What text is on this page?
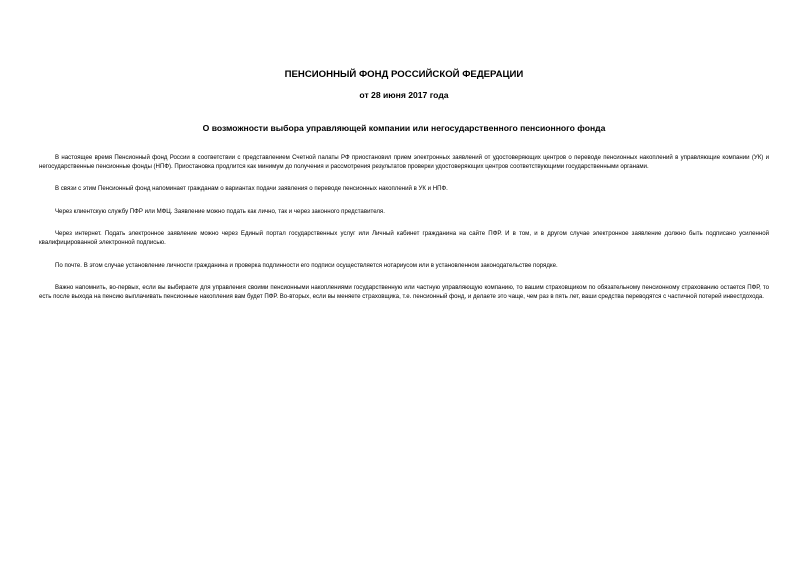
ПЕНСИОННЫЙ ФОНД РОССИЙСКОЙ ФЕДЕРАЦИИ

от 28 июня 2017 года

О возможности выбора управляющей компании или негосударственного пенсионного фонда

В настоящее время Пенсионный фонд России в соответствии с представлением Счетной палаты РФ приостановил прием электронных заявлений от удостоверяющих центров о переводе пенсионных накоплений в управляющие компании (УК) и негосударственные пенсионные фонды (НПФ). Приостановка продлится как минимум до получения и рассмотрения результатов проверки удостоверяющих центров соответствующими государственными органами.

В связи с этим Пенсионный фонд напоминает гражданам о вариантах подачи заявления о переводе пенсионных накоплений в УК и НПФ.

Через клиентскую службу ПФР или МФЦ. Заявление можно подать как лично, так и через законного представителя.

Через интернет. Подать электронное заявление можно через Единый портал государственных услуг или Личный кабинет гражданина на сайте ПФР. И в том, и в другом случае электронное заявление должно быть подписано усиленной квалифицированной электронной подписью.

По почте. В этом случае установление личности гражданина и проверка подлинности его подписи осуществляется нотариусом или в установленном законодательстве порядке.

Важно напомнить, во-первых, если вы выбираете для управления своими пенсионными накоплениями государственную или частную управляющую компанию, то вашим страховщиком по обязательному пенсионному страхованию остается ПФР, то есть после выхода на пенсию выплачивать пенсионные накопления вам будет ПФР. Во-вторых, если вы меняете страховщика, т.е. пенсионный фонд, и делаете это чаще, чем раз в пять лет, ваши средства переводятся с частичной потерей инвестдохода.
